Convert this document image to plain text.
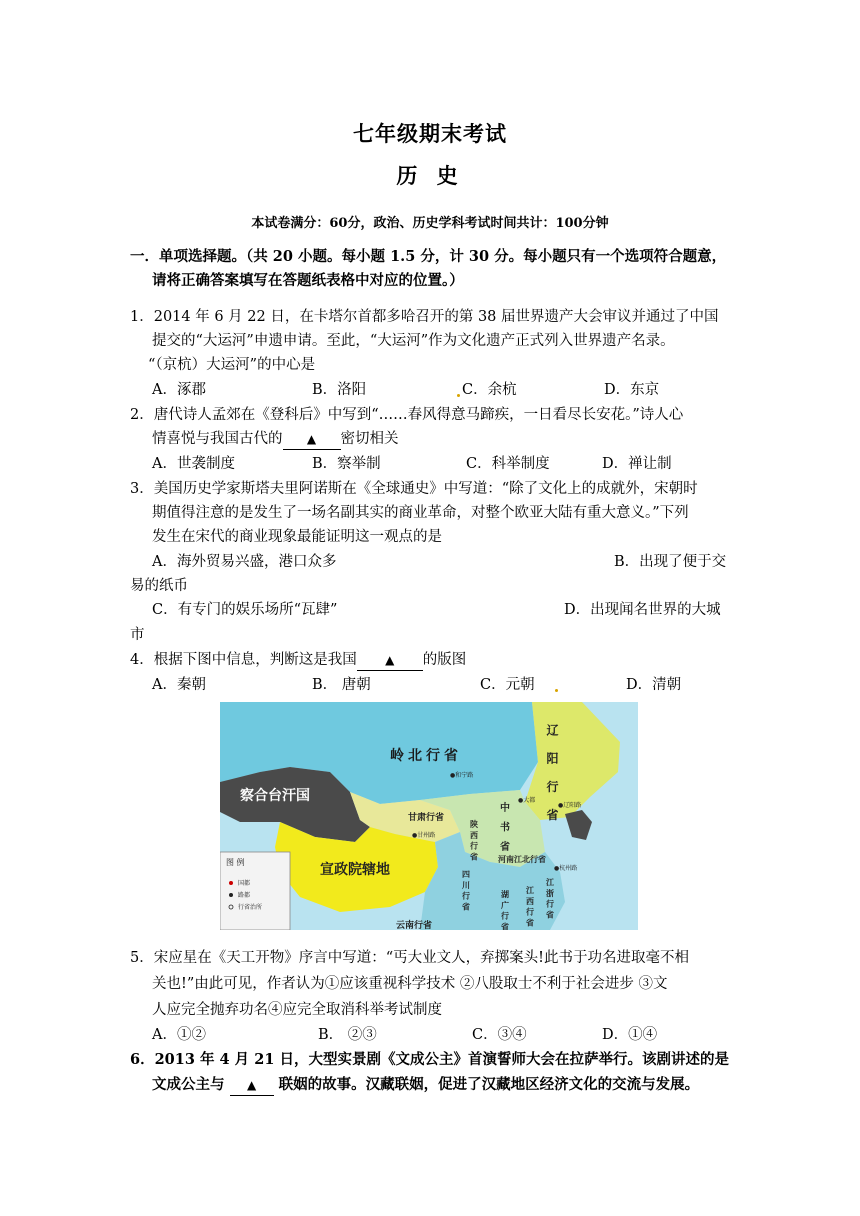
七年级期末考试
历 史
本试卷满分：60分，政治、历史学科考试时间共计：100分钟
一．单项选择题。（共 20 小题。每小题 1.5 分，计 30 分。每小题只有一个选项符合题意，
请将正确答案填写在答题纸表格中对应的位置。）
1．2014 年 6 月 22 日，在卡塔尔首都多哈召开的第 38 届世界遗产大会审议并通过了中国
提交的“大运河”申遗申请。至此，“大运河”作为文化遗产正式列入世界遗产名录。
“（京杭）大运河”的中心是
A．涿郡	B．洛阳	C．余杭	D．东京
2．唐代诗人孟郊在《登科后》中写到“……春风得意马蹄疾，一日看尽长安花。”诗人心
情喜悦与我国古代的 ▲ 密切相关
A．世袭制度	B．察举制	C．科举制度	D．禅让制
3．美国历史学家斯塔夫里阿诺斯在《全球通史》中写道：“除了文化上的成就外，宋朝时
期值得注意的是发生了一场名副其实的商业革命，对整个欧亚大陆有重大意义。”下列
发生在宋代的商业现象最能证明这一观点的是
A．海外贸易兴盛，港口众多	B．出现了便于交
易的纸币
C．有专门的娱乐场所“瓦肆”	D．出现闻名世界的大城
市
4．根据下图中信息，判断这是我国 ▲ 的版图
A．秦朝	B． 唐朝	C．元朝	D．清朝
岭北行省
察合台汗国	辽 阳 行 省
中 书 省
甘肃行省
陕 西 行 省
宣政院辖地	四 川 行 省
河南江北行省
江 浙 行 省
江 西 行 省
湖 广 行 省
云南行省
●和宁路
●大都
●辽阳路
●甘州路
●杭州路
图 例
国都
路都
行省治所
5．宋应星在《天工开物》序言中写道：“丐大业文人，弃掷案头!此书于功名进取毫不相
关也!”由此可见，作者认为①应该重视科学技术 ②八股取士不利于社会进步 ③文
人应完全抛弃功名④应完全取消科举考试制度
A．①②	B． ②③	C．③④	D．①④
6．2013 年 4 月 21 日，大型实景剧《文成公主》首演誓师大会在拉萨举行。该剧讲述的是
文成公主与 ▲ 联姻的故事。汉藏联姻，促进了汉藏地区经济文化的交流与发展。
